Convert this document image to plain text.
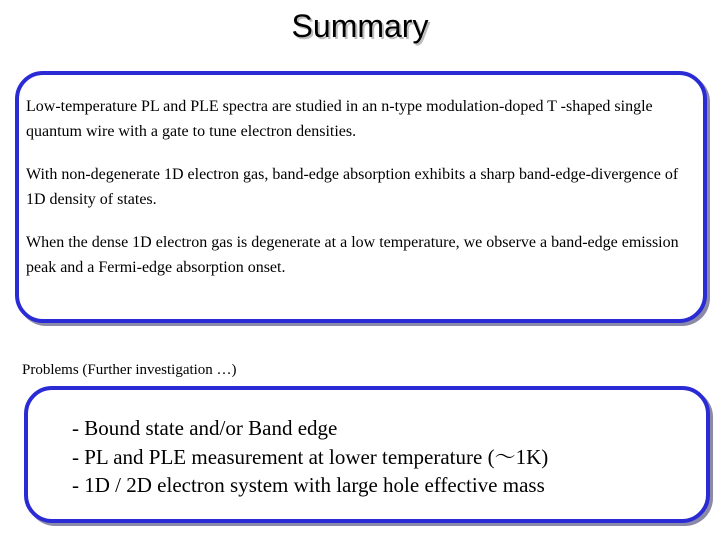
Summary

Low-temperature PL and PLE spectra are studied in an n-type modulation-doped T -shaped single quantum wire with a gate to tune electron densities.

With non-degenerate 1D electron gas, band-edge absorption exhibits a sharp band-edge-divergence of 1D density of states.

When the dense 1D electron gas is degenerate at a low temperature, we observe a band-edge emission peak and a Fermi-edge absorption onset.

Problems (Further investigation …)
- Bound state and/or Band edge
- PL and PLE measurement at lower temperature (～1K)
- 1D / 2D electron system with large hole effective mass
